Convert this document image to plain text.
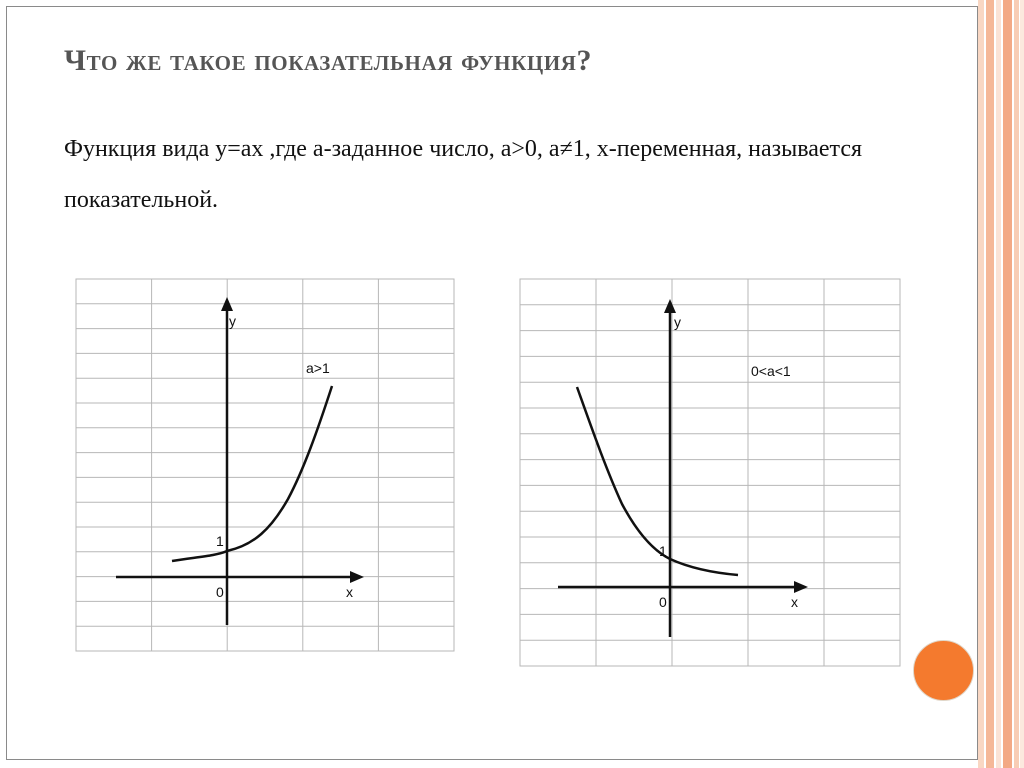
Что же такое показательная функция?
Функция вида y=ax ,где а-заданное число, а>0, а≠1, х-переменная, называется показательной.
y
a>1
1
0	x
y
0<a<1
1
0	x
